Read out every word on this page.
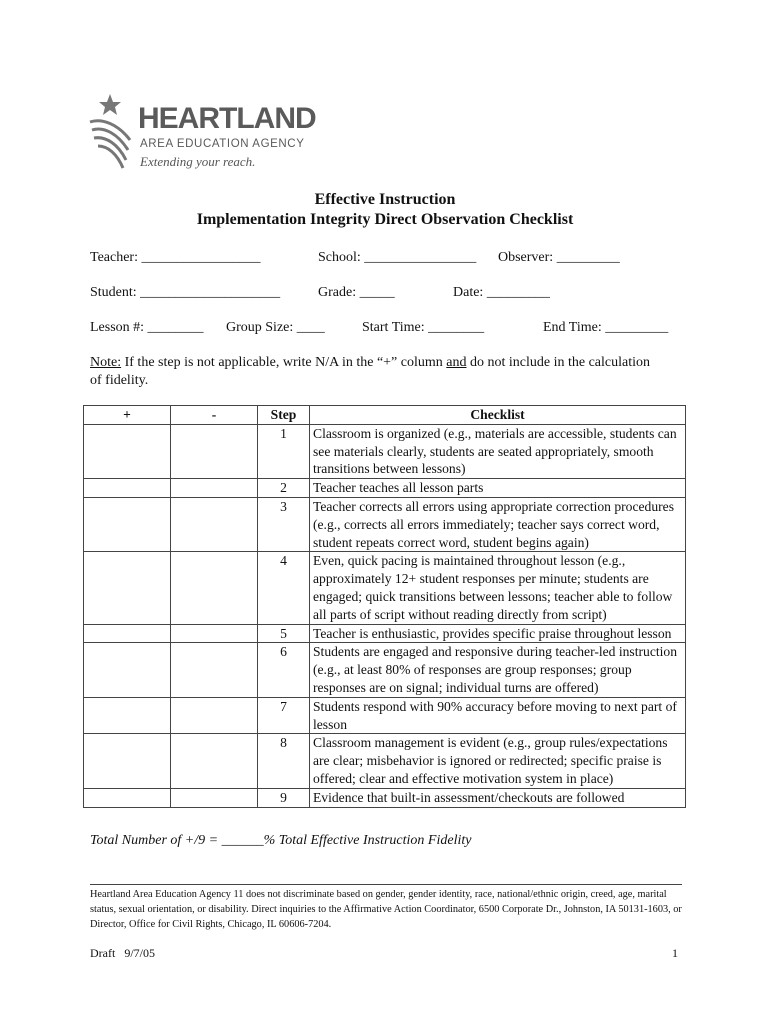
HEARTLAND
AREA EDUCATION AGENCY
Extending your reach.
Effective Instruction
Implementation Integrity Direct Observation Checklist
Teacher: _________________	School: ________________ Observer: _________
Student: ____________________	Grade: _____	Date: _________
Lesson #: ________ Group Size: ____	Start Time: ________	End Time: _________
Note: If the step is not applicable, write N/A in the “+” column and do not include in the calculation of fidelity.
+	-	Step	Checklist
		1	Classroom is organized (e.g., materials are accessible, students can see materials clearly, students are seated appropriately, smooth transitions between lessons)
		2	Teacher teaches all lesson parts
		3	Teacher corrects all errors using appropriate correction procedures (e.g., corrects all errors immediately; teacher says correct word, student repeats correct word, student begins again)
		4	Even, quick pacing is maintained throughout lesson (e.g., approximately 12+ student responses per minute; students are engaged; quick transitions between lessons; teacher able to follow all parts of script without reading directly from script)
		5	Teacher is enthusiastic, provides specific praise throughout lesson
		6	Students are engaged and responsive during teacher-led instruction (e.g., at least 80% of responses are group responses; group responses are on signal; individual turns are offered)
		7	Students respond with 90% accuracy before moving to next part of lesson
		8	Classroom management is evident (e.g., group rules/expectations are clear; misbehavior is ignored or redirected; specific praise is offered; clear and effective motivation system in place)
		9	Evidence that built-in assessment/checkouts are followed
Total Number of +/9 = ______% Total Effective Instruction Fidelity
Heartland Area Education Agency 11 does not discriminate based on gender, gender identity, race, national/ethnic origin, creed, age, marital status, sexual orientation, or disability. Direct inquiries to the Affirmative Action Coordinator, 6500 Corporate Dr., Johnston, IA 50131-1603, or Director, Office for Civil Rights, Chicago, IL 60606-7204.
Draft   9/7/05	1
